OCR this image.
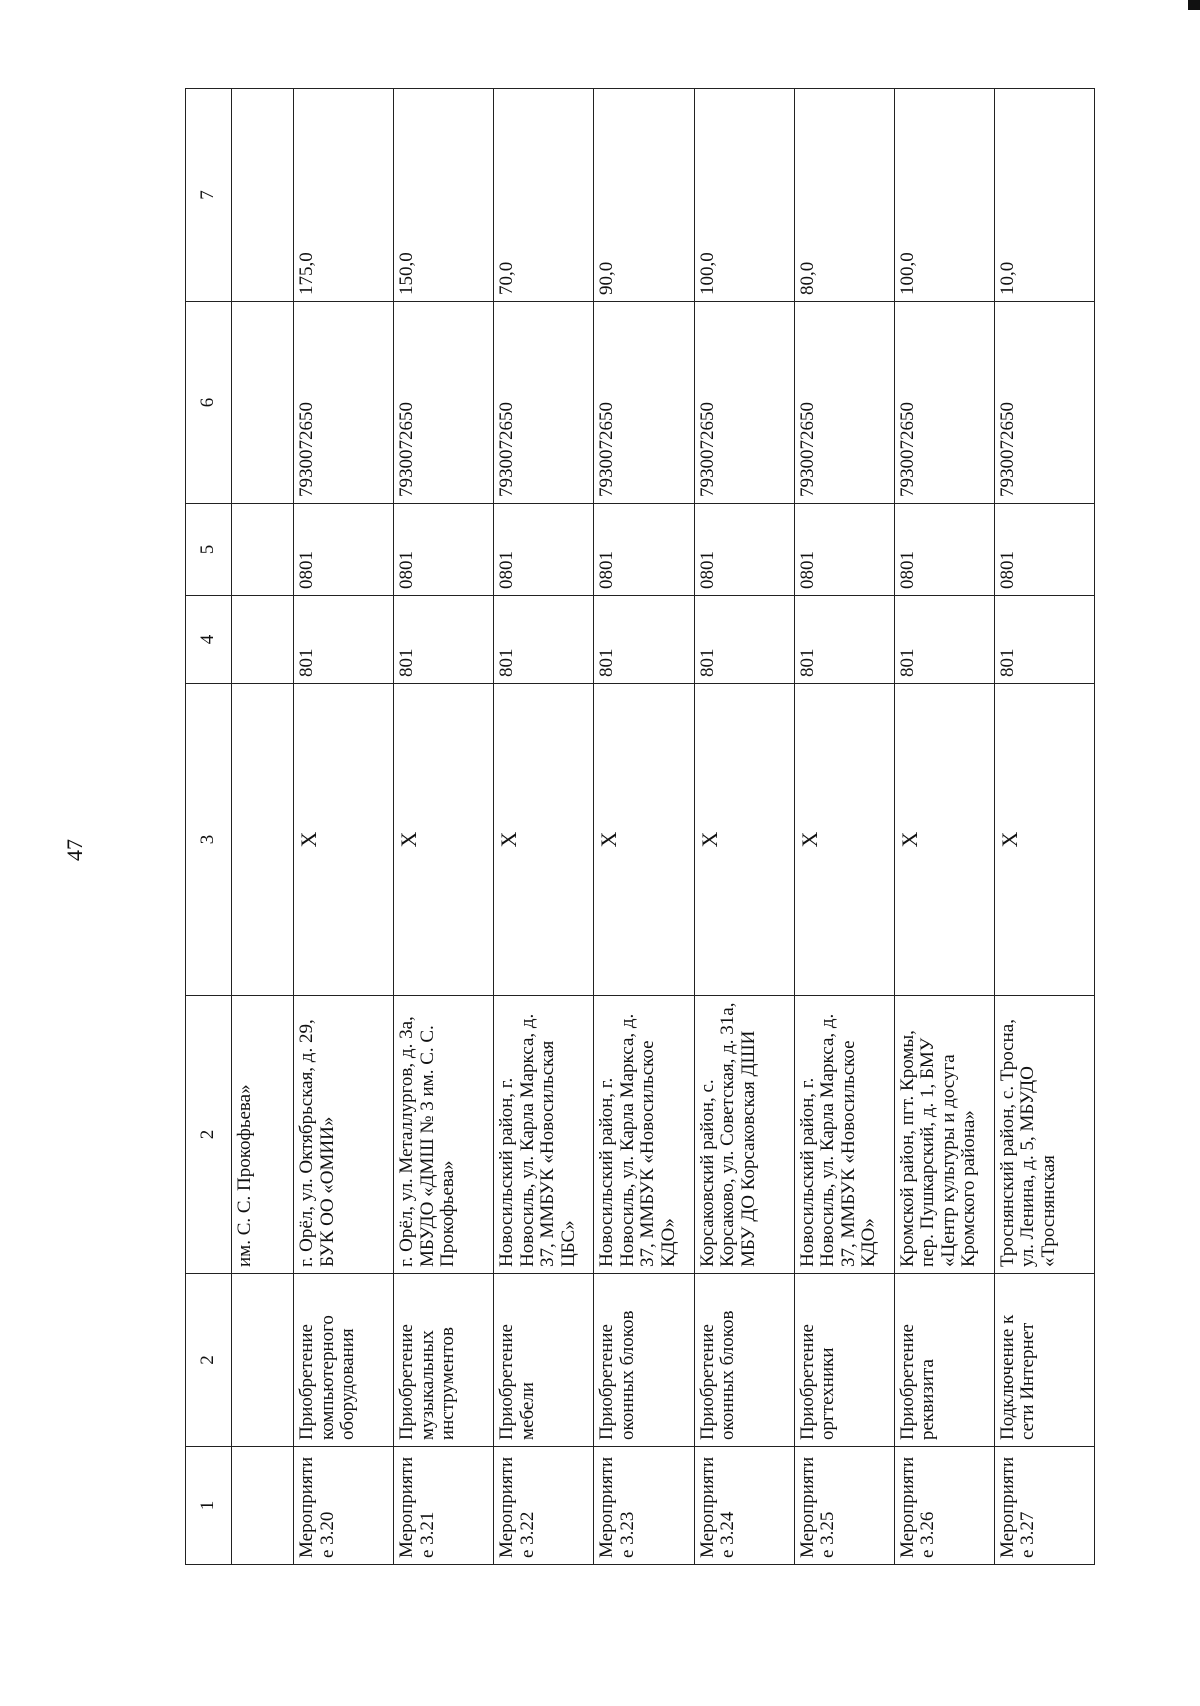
47
1	2	2	3	4	5	6	7
		им. С. С. Прокофьева»					
Мероприятие 3.20	Приобретение компьютерного оборудования	г. Орёл, ул. Октябрьская, д. 29, БУК ОО «ОМИИ»	X	801	0801	7930072650	175,0
Мероприятие 3.21	Приобретение музыкальных инструментов	г. Орёл, ул. Металлургов, д. 3а, МБУДО «ДМШ № 3 им. С. С. Прокофьева»	X	801	0801	7930072650	150,0
Мероприятие 3.22	Приобретение мебели	Новосильский район, г. Новосиль, ул. Карла Маркса, д. 37, ММБУК «Новосильская ЦБС»	X	801	0801	7930072650	70,0
Мероприятие 3.23	Приобретение оконных блоков	Новосильский район, г. Новосиль, ул. Карла Маркса, д. 37, ММБУК «Новосильское КДО»	X	801	0801	7930072650	90,0
Мероприятие 3.24	Приобретение оконных блоков	Корсаковский район, с. Корсаково, ул. Советская, д. 31а, МБУ ДО Корсаковская ДШИ	X	801	0801	7930072650	100,0
Мероприятие 3.25	Приобретение оргтехники	Новосильский район, г. Новосиль, ул. Карла Маркса, д. 37, ММБУК «Новосильское КДО»	X	801	0801	7930072650	80,0
Мероприятие 3.26	Приобретение реквизита	Кромской район, пгт. Кромы, пер. Пушкарский, д. 1, БМУ «Центр культуры и досуга Кромского района»	X	801	0801	7930072650	100,0
Мероприятие 3.27	Подключение к сети Интернет	Троснянский район, с. Тросна, ул. Ленина, д. 5, МБУДО «Троснянская	X	801	0801	7930072650	10,0
